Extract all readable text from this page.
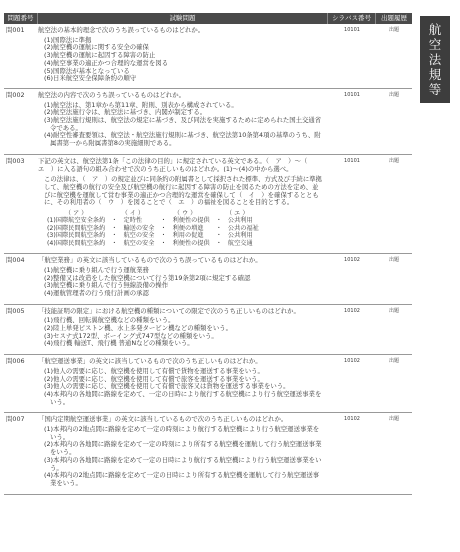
航
空
法
規
等
問題番号	試験問題	シラバス番号	出題履歴
問001	航空法の基本的理念で次のうち誤っているものはどれか。

(1)国際法に準拠
(2)航空機の運航に関する安全の確保
(3)航空機の運航に起因する障害の防止
(4)航空事業の適正かつ合理的な運営を図る
(5)国際法が基本となっている
(6)日米航空安全保障条約の順守
10101	出題
問002	航空法の内容で次のうち誤っているものはどれか。

(1)航空法は、第1章から第11章、附則、別表から構成されている。
(2)航空法施行令は、航空法に基づき、内閣が制定する。
(3)航空法施行規則は、航空法の規定に基づき、及び同法を実施するために定められた国土交通省令である。
(4)耐空性審査要領は、航空法・航空法施行規則に基づき、航空法第10条第4項の基準のうち、附属書第一から附属書第8の実施細則である。
10101	出題
問003	下記の英文は、航空法第1条「この法律の目的」に規定されている英文である。（　ア　）～（　エ　）に入る語句の組み合わせで次のうち正しいものはどれか。(1)～(4)の中から選べ。

この法律は、（　ア　）の規定並びに同条約の附属書として採択された標準、方式及び手続に準拠して、航空機の航行の安全及び航空機の航行に起因する障害の防止を図るための方法を定め、並びに航空機を運航して営む事業の適正かつ合理的な運営を確保して（　イ　）を確保するとともに、その利用者の（　ウ　）を図ることで（　エ　）の福祉を図ることを目的とする。

（ ア ）	（ イ ）		（ ウ ）		（ エ ）	
(1)国際航空安全条約	・	定時性	・	利便性の提供	・	公共利用
(2)国際民間航空条約	・	輸送の安全	・	利便の増進	・	公共の福祉
(3)国際民間航空条約	・	航空の安全	・	利用の促進	・	公共利用
(4)国際民間航空条約	・	航空の安全	・	利便性の提供	・	航空交通
10101	出題
問004	「航空業務」の英文に該当しているもので次のうち誤っているものはどれか。

(1)航空機に乗り組んで行う運航業務
(2)整備又は改造をした航空機について行う第19条第2項に規定する確認
(3)航空機に乗り組んで行う無線設備の操作
(4)運航管理者の行う飛行計画の承認
10102	出題
問005	「技能証明の限定」における航空機の種類についての限定で次のうち正しいものはどれか。

(1)飛行機、回転翼航空機などの種類をいう。
(2)陸上単発ピストン機、水上多発タービン機などの種類をいう。
(3)セスナ式172型、ボーイング式747型などの種類をいう。
(4)飛行機 輸送T、飛行機 普通Nなどの種類をいう。
10102	出題
問006	「航空運送事業」の英文に該当しているもので次のうち正しいものはどれか。

(1)他人の需要に応じ、航空機を使用して有償で貨物を運送する事業をいう。
(2)他人の需要に応じ、航空機を使用して有償で旅客を運送する事業をいう。
(3)他人の需要に応じ、航空機を使用して有償で旅客又は貨物を運送する事業をいう。
(4)本邦内の各地間に路線を定めて、一定の日時により航行する航空機により行う航空運送事業をいう。
10102	出題
問007	「国内定期航空運送事業」の英文に該当しているもので次のうち正しいものはどれか。

(1)本邦内の2地点間に路線を定めて一定の時刻により航行する航空機により行う航空運送事業をいう。
(2)本邦内の各地間に路線を定めて一定の時刻により所有する航空機を運航して行う航空運送事業をいう。
(3)本邦内の各地間に路線を定めて一定の日時により航行する航空機により行う航空運送事業をいう。
(4)本邦内の2地点間に路線を定めて一定の日時により所有する航空機を運航して行う航空運送事業をいう。
10102	出題
